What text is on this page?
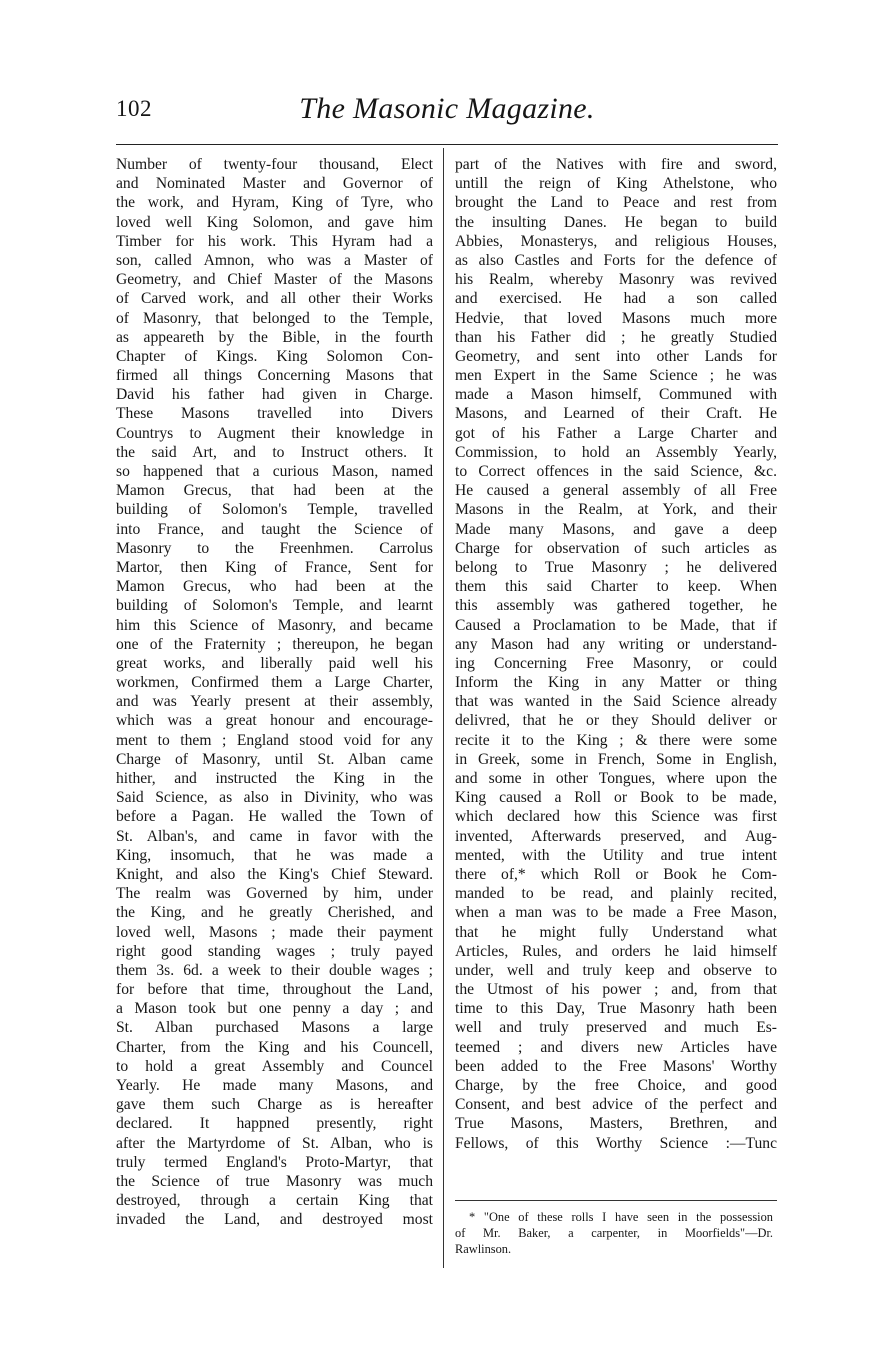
102	The Masonic Magazine.
Number of twenty-four thousand, Elect
and Nominated Master and Governor of
the work, and Hyram, King of Tyre, who
loved well King Solomon, and gave him
Timber for his work. This Hyram had a
son, called Amnon, who was a Master of
Geometry, and Chief Master of the Masons
of Carved work, and all other their Works
of Masonry, that belonged to the Temple,
as appeareth by the Bible, in the fourth
Chapter of Kings. King Solomon Con-
firmed all things Concerning Masons that
David his father had given in Charge.
These Masons travelled into Divers
Countrys to Augment their knowledge in
the said Art, and to Instruct others. It
so happened that a curious Mason, named
Mamon Grecus, that had been at the
building of Solomon's Temple, travelled
into France, and taught the Science of
Masonry to the Freenhmen. Carrolus
Martor, then King of France, Sent for
Mamon Grecus, who had been at the
building of Solomon's Temple, and learnt
him this Science of Masonry, and became
one of the Fraternity ; thereupon, he began
great works, and liberally paid well his
workmen, Confirmed them a Large Charter,
and was Yearly present at their assembly,
which was a great honour and encourage-
ment to them ; England stood void for any
Charge of Masonry, until St. Alban came
hither, and instructed the King in the
Said Science, as also in Divinity, who was
before a Pagan. He walled the Town of
St. Alban's, and came in favor with the
King, insomuch, that he was made a
Knight, and also the King's Chief Steward.
The realm was Governed by him, under
the King, and he greatly Cherished, and
loved well, Masons ; made their payment
right good standing wages ; truly payed
them 3s. 6d. a week to their double wages ;
for before that time, throughout the Land,
a Mason took but one penny a day ; and
St. Alban purchased Masons a large
Charter, from the King and his Councell,
to hold a great Assembly and Councel
Yearly. He made many Masons, and
gave them such Charge as is hereafter
declared. It happned presently, right
after the Martyrdome of St. Alban, who is
truly termed England's Proto-Martyr, that
the Science of true Masonry was much
destroyed, through a certain King that
invaded the Land, and destroyed most
part of the Natives with fire and sword,
untill the reign of King Athelstone, who
brought the Land to Peace and rest from
the insulting Danes. He began to build
Abbies, Monasterys, and religious Houses,
as also Castles and Forts for the defence of
his Realm, whereby Masonry was revived
and exercised. He had a son called
Hedvie, that loved Masons much more
than his Father did ; he greatly Studied
Geometry, and sent into other Lands for
men Expert in the Same Science ; he was
made a Mason himself, Communed with
Masons, and Learned of their Craft. He
got of his Father a Large Charter and
Commission, to hold an Assembly Yearly,
to Correct offences in the said Science, &c.
He caused a general assembly of all Free
Masons in the Realm, at York, and their
Made many Masons, and gave a deep
Charge for observation of such articles as
belong to True Masonry ; he delivered
them this said Charter to keep. When
this assembly was gathered together, he
Caused a Proclamation to be Made, that if
any Mason had any writing or understand-
ing Concerning Free Masonry, or could
Inform the King in any Matter or thing
that was wanted in the Said Science already
delivred, that he or they Should deliver or
recite it to the King ; & there were some
in Greek, some in French, Some in English,
and some in other Tongues, where upon the
King caused a Roll or Book to be made,
which declared how this Science was first
invented, Afterwards preserved, and Aug-
mented, with the Utility and true intent
there of,* which Roll or Book he Com-
manded to be read, and plainly recited,
when a man was to be made a Free Mason,
that he might fully Understand what
Articles, Rules, and orders he laid himself
under, well and truly keep and observe to
the Utmost of his power ; and, from that
time to this Day, True Masonry hath been
well and truly preserved and much Es-
teemed ; and divers new Articles have
been added to the Free Masons' Worthy
Charge, by the free Choice, and good
Consent, and best advice of the perfect and
True Masons, Masters, Brethren, and
Fellows, of this Worthy Science :—Tunc
* "One of these rolls I have seen in the possession
of Mr. Baker, a carpenter, in Moorfields"—Dr.
Rawlinson.
